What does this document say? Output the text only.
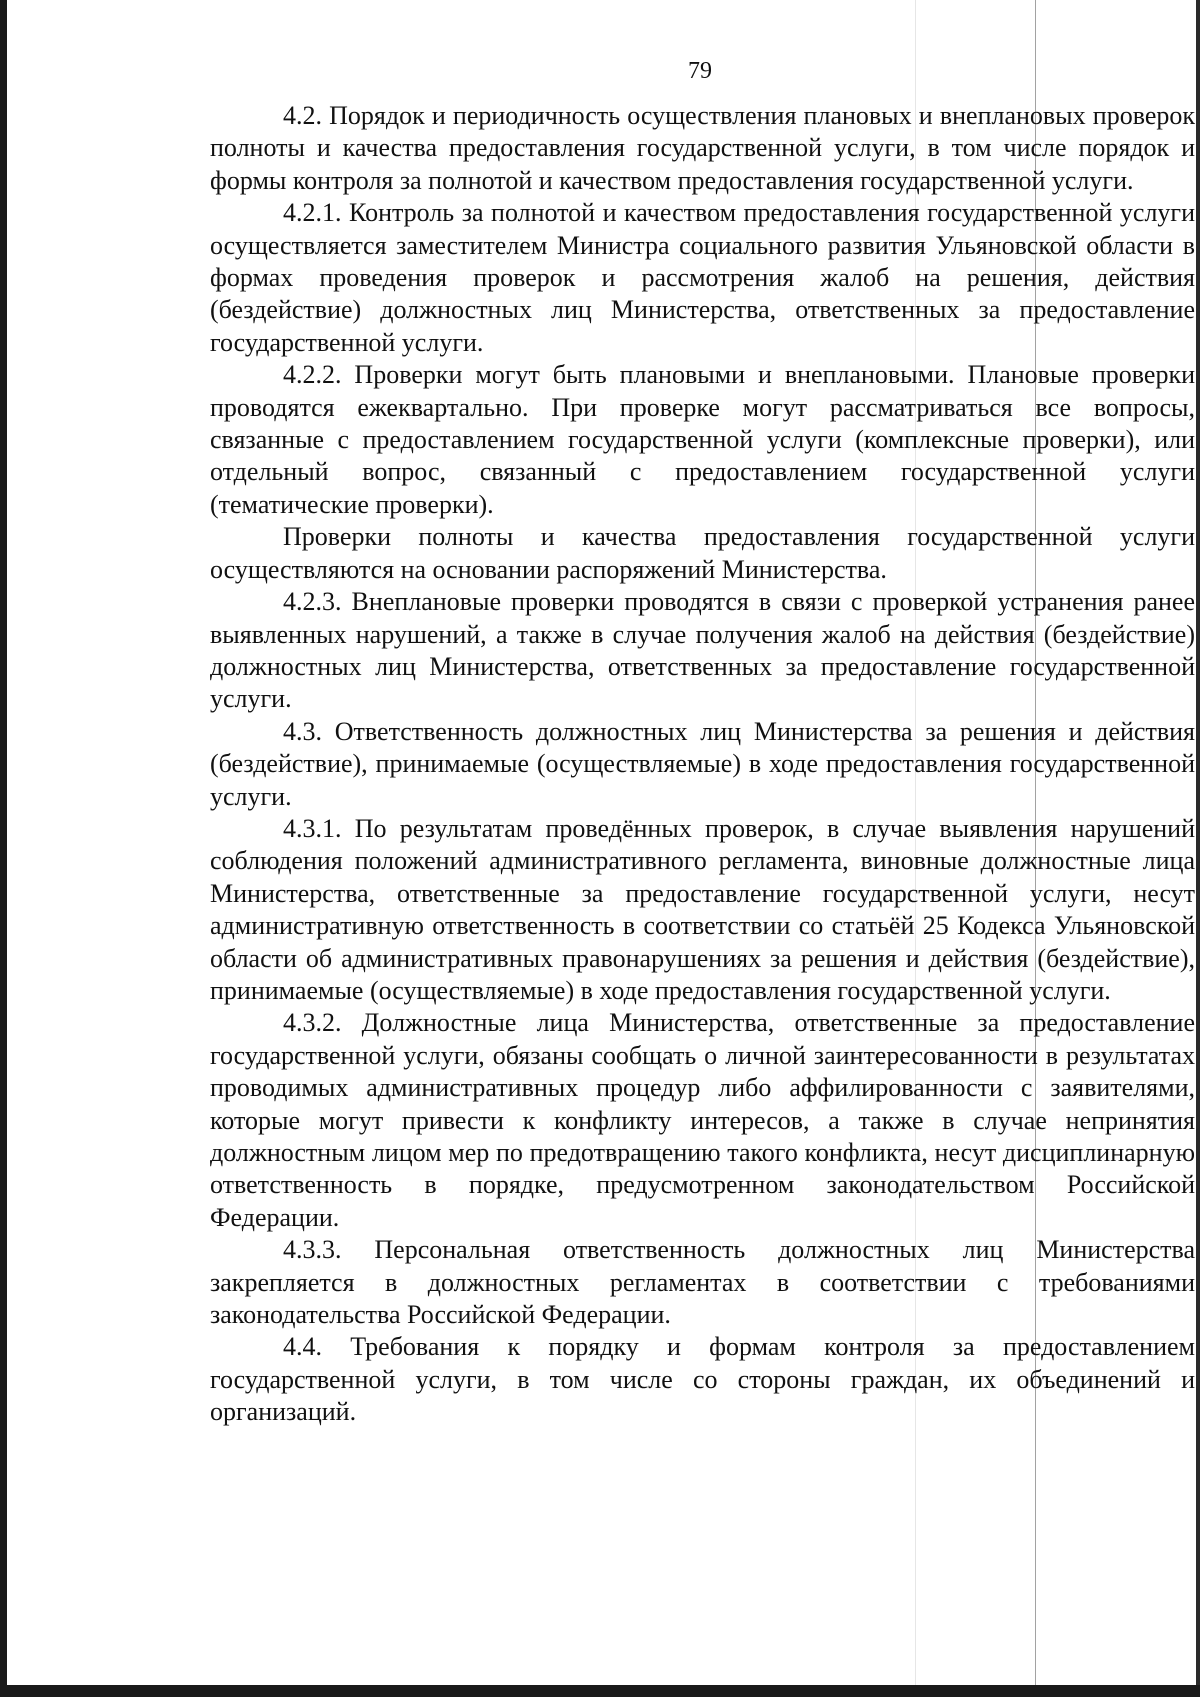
79

4.2. Порядок и периодичность осуществления плановых и внеплановых проверок полноты и качества предоставления государственной услуги, в том числе порядок и формы контроля за полнотой и качеством предоставления государственной услуги.

4.2.1. Контроль за полнотой и качеством предоставления государственной услуги осуществляется заместителем Министра социального развития Ульяновской области в формах проведения проверок и рассмотрения жалоб на решения, действия (бездействие) должностных лиц Министерства, ответственных за предоставление государственной услуги.

4.2.2. Проверки могут быть плановыми и внеплановыми. Плановые проверки проводятся ежеквартально. При проверке могут рассматриваться все вопросы, связанные с предоставлением государственной услуги (комплексные проверки), или отдельный вопрос, связанный с предоставлением государственной услуги (тематические проверки).

Проверки полноты и качества предоставления государственной услуги осуществляются на основании распоряжений Министерства.

4.2.3. Внеплановые проверки проводятся в связи с проверкой устранения ранее выявленных нарушений, а также в случае получения жалоб на действия (бездействие) должностных лиц Министерства, ответственных за предоставление государственной услуги.

4.3. Ответственность должностных лиц Министерства за решения и действия (бездействие), принимаемые (осуществляемые) в ходе предоставления государственной услуги.

4.3.1. По результатам проведённых проверок, в случае выявления нарушений соблюдения положений административного регламента, виновные должностные лица Министерства, ответственные за предоставление государственной услуги, несут административную ответственность в соответствии со статьёй 25 Кодекса Ульяновской области об административных правонарушениях за решения и действия (бездействие), принимаемые (осуществляемые) в ходе предоставления государственной услуги.

4.3.2. Должностные лица Министерства, ответственные за предоставление государственной услуги, обязаны сообщать о личной заинтересованности в результатах проводимых административных процедур либо аффилированности с заявителями, которые могут привести к конфликту интересов, а также в случае непринятия должностным лицом мер по предотвращению такого конфликта, несут дисциплинарную ответственность в порядке, предусмотренном законодательством Российской Федерации.

4.3.3. Персональная ответственность должностных лиц Министерства закрепляется в должностных регламентах в соответствии с требованиями законодательства Российской Федерации.

4.4. Требования к порядку и формам контроля за предоставлением государственной услуги, в том числе со стороны граждан, их объединений и организаций.
